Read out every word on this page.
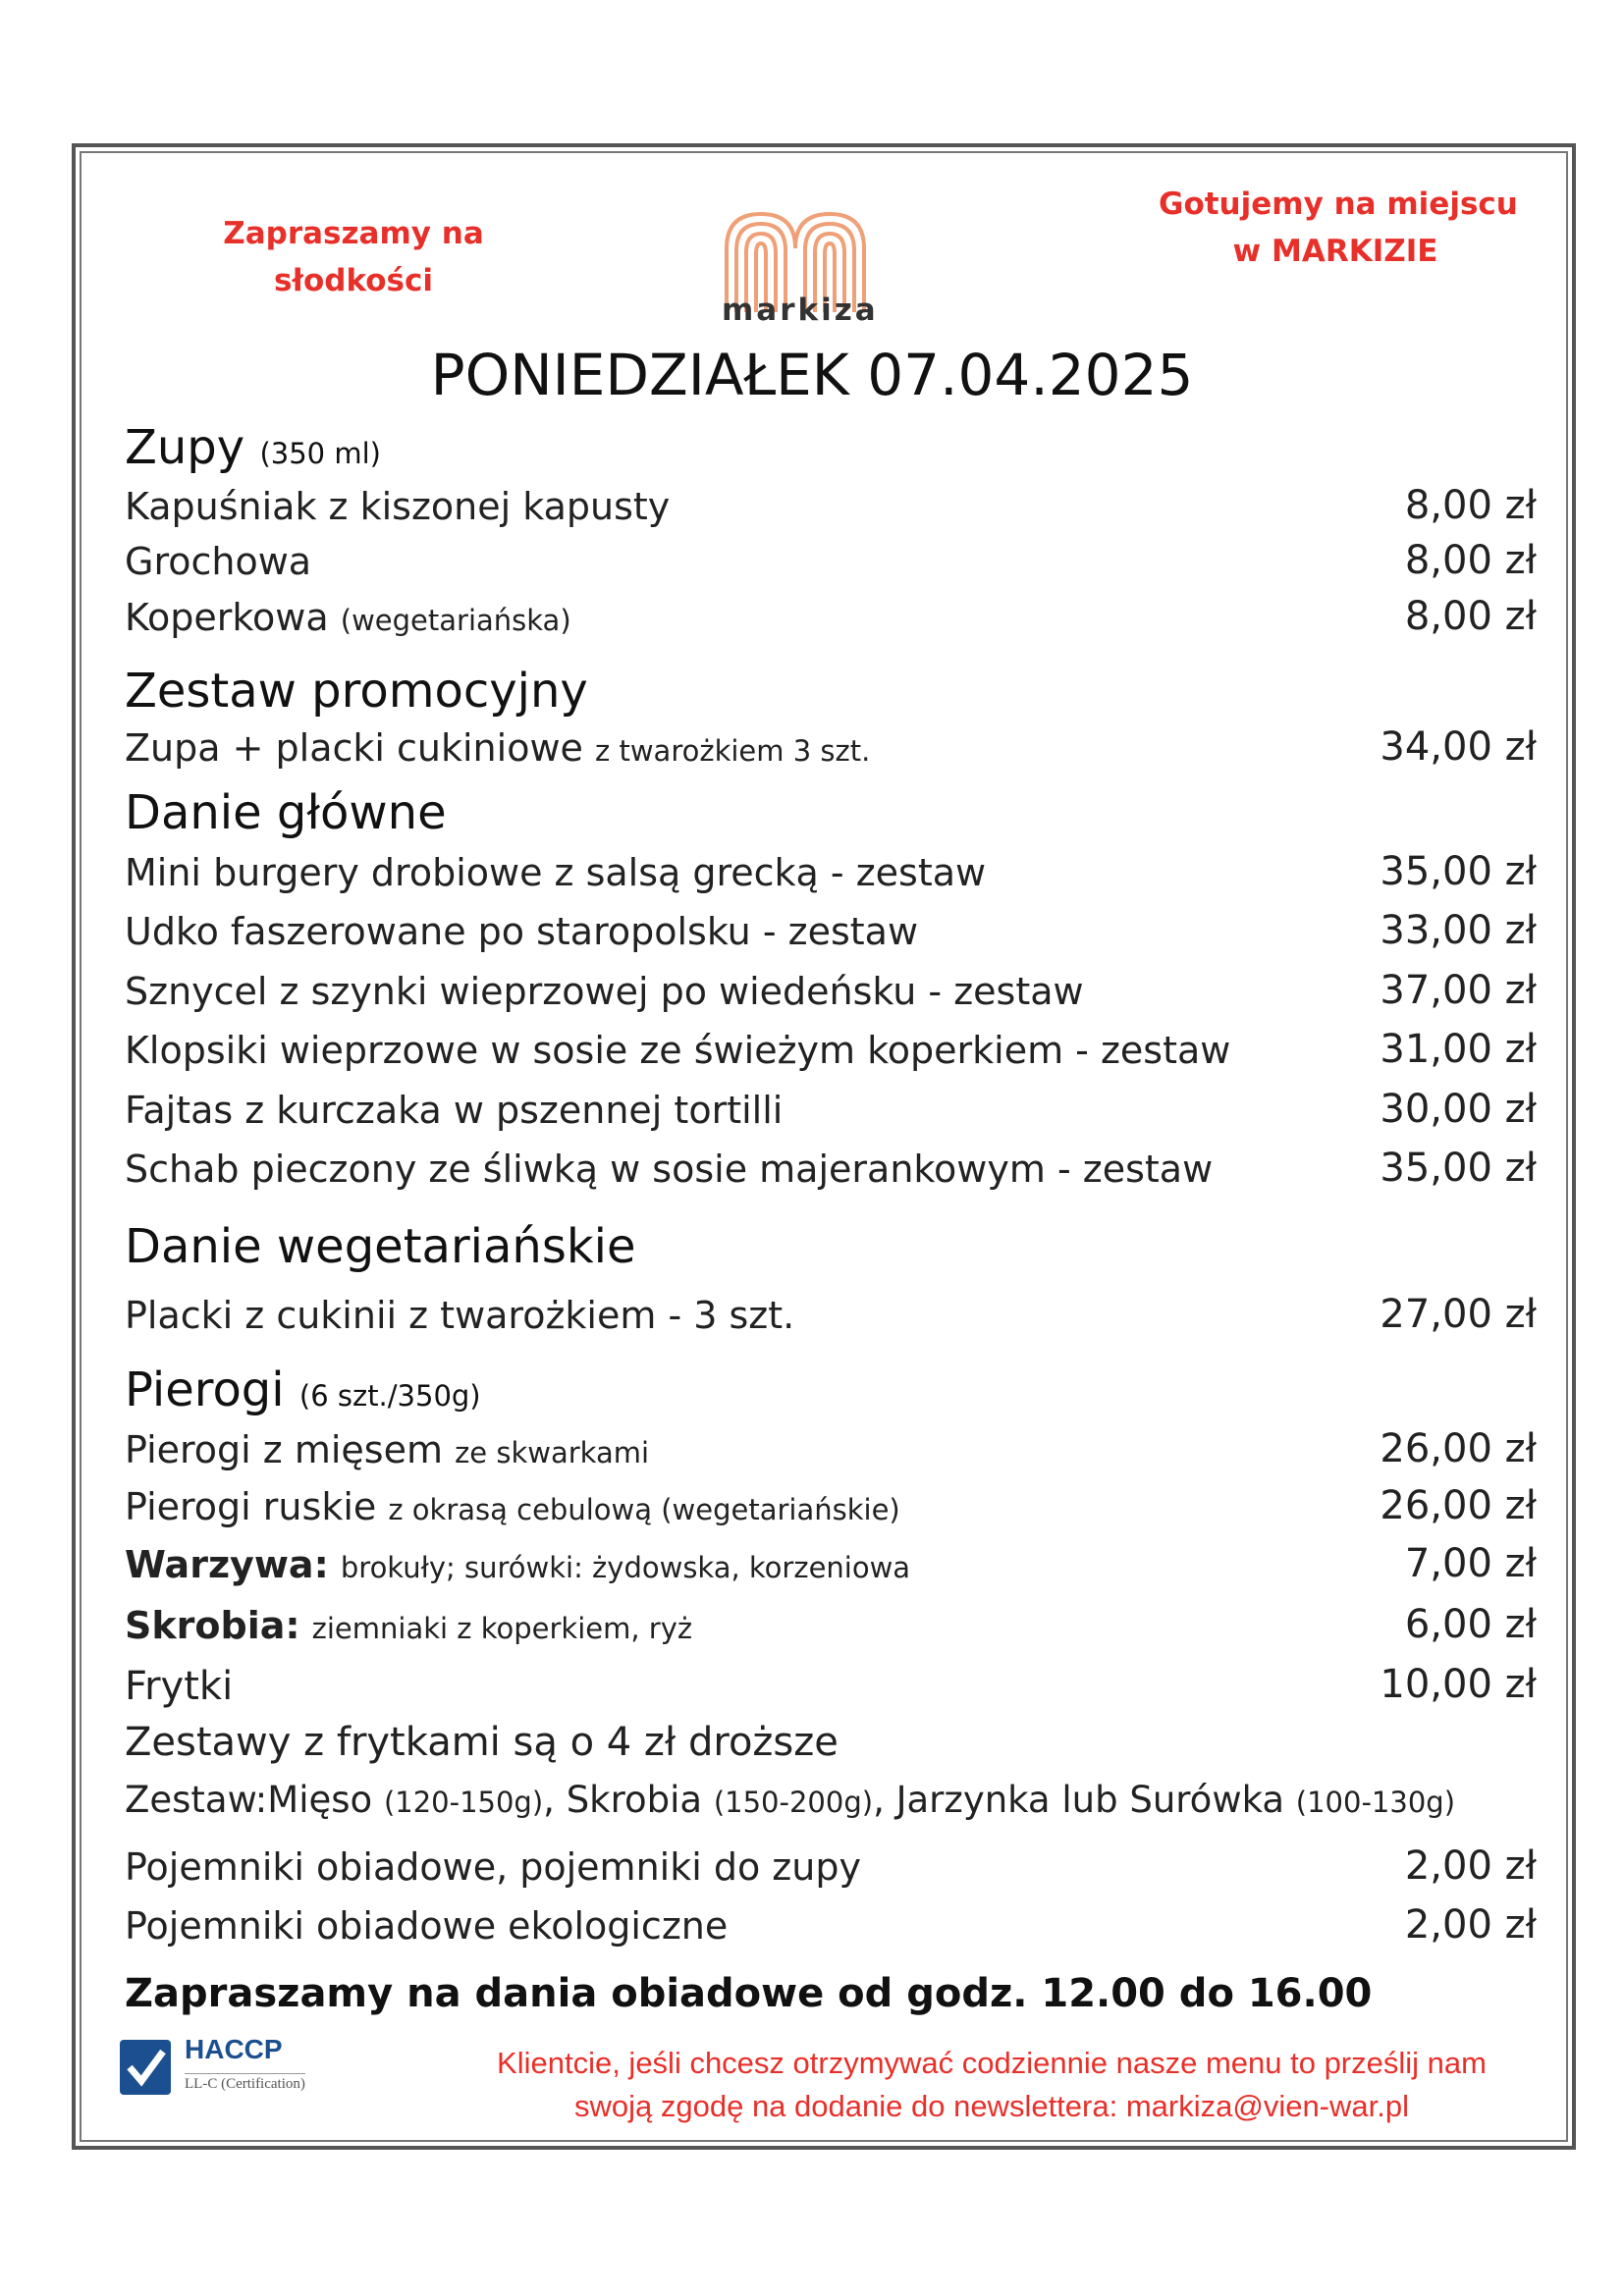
Zapraszamy na
słodkości
markiza
Gotujemy na miejscu
w MARKIZIE
PONIEDZIAŁEK 07.04.2025
Zupy (350 ml)
Kapuśniak z kiszonej kapusty	8,00 zł
Grochowa	8,00 zł
Koperkowa (wegetariańska)	8,00 zł
Zestaw promocyjny
Zupa + placki cukiniowe z twarożkiem 3 szt.	34,00 zł
Danie główne
Mini burgery drobiowe z salsą grecką - zestaw	35,00 zł
Udko faszerowane po staropolsku - zestaw	33,00 zł
Sznycel z szynki wieprzowej po wiedeńsku - zestaw	37,00 zł
Klopsiki wieprzowe w sosie ze świeżym koperkiem - zestaw	31,00 zł
Fajtas z kurczaka w pszennej tortilli	30,00 zł
Schab pieczony ze śliwką w sosie majerankowym - zestaw	35,00 zł
Danie wegetariańskie
Placki z cukinii z twarożkiem - 3 szt.	27,00 zł
Pierogi (6 szt./350g)
Pierogi z mięsem ze skwarkami	26,00 zł
Pierogi ruskie z okrasą cebulową (wegetariańskie)	26,00 zł
Warzywa: brokuły; surówki: żydowska, korzeniowa	7,00 zł
Skrobia: ziemniaki z koperkiem, ryż	6,00 zł
Frytki	10,00 zł
Zestawy z frytkami są o 4 zł droższe
Zestaw:Mięso (120-150g), Skrobia (150-200g), Jarzynka lub Surówka (100-130g)
Pojemniki obiadowe, pojemniki do zupy	2,00 zł
Pojemniki obiadowe ekologiczne	2,00 zł
Zapraszamy na dania obiadowe od godz. 12.00 do 16.00
HACCP
LL-C (Certification)
Klientcie, jeśli chcesz otrzymywać codziennie nasze menu to prześlij nam
swoją zgodę na dodanie do newslettera: markiza@vien-war.pl
